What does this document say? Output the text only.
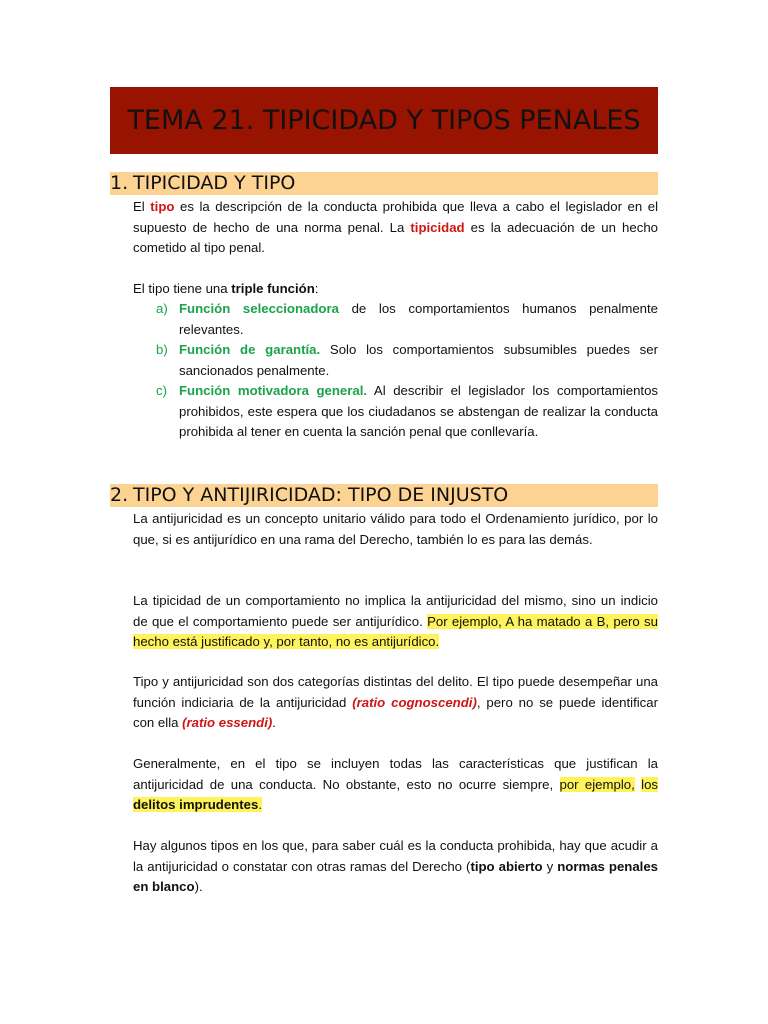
TEMA 21. TIPICIDAD Y TIPOS PENALES
1. TIPICIDAD Y TIPO
El tipo es la descripción de la conducta prohibida que lleva a cabo el legislador en el supuesto de hecho de una norma penal. La tipicidad es la adecuación de un hecho cometido al tipo penal.
El tipo tiene una triple función:
a) Función seleccionadora de los comportamientos humanos penalmente relevantes.
b) Función de garantía. Solo los comportamientos subsumibles puedes ser sancionados penalmente.
c) Función motivadora general. Al describir el legislador los comportamientos prohibidos, este espera que los ciudadanos se abstengan de realizar la conducta prohibida al tener en cuenta la sanción penal que conllevaría.
2. TIPO Y ANTIJIRICIDAD: TIPO DE INJUSTO
La antijuricidad es un concepto unitario válido para todo el Ordenamiento jurídico, por lo que, si es antijurídico en una rama del Derecho, también lo es para las demás.
La tipicidad de un comportamiento no implica la antijuricidad del mismo, sino un indicio de que el comportamiento puede ser antijurídico. Por ejemplo, A ha matado a B, pero su hecho está justificado y, por tanto, no es antijurídico.
Tipo y antijuricidad son dos categorías distintas del delito. El tipo puede desempeñar una función indiciaria de la antijuricidad (ratio cognoscendi), pero no se puede identificar con ella (ratio essendi).
Generalmente, en el tipo se incluyen todas las características que justifican la antijuricidad de una conducta. No obstante, esto no ocurre siempre, por ejemplo, los delitos imprudentes.
Hay algunos tipos en los que, para saber cuál es la conducta prohibida, hay que acudir a la antijuricidad o constatar con otras ramas del Derecho (tipo abierto y normas penales en blanco).
